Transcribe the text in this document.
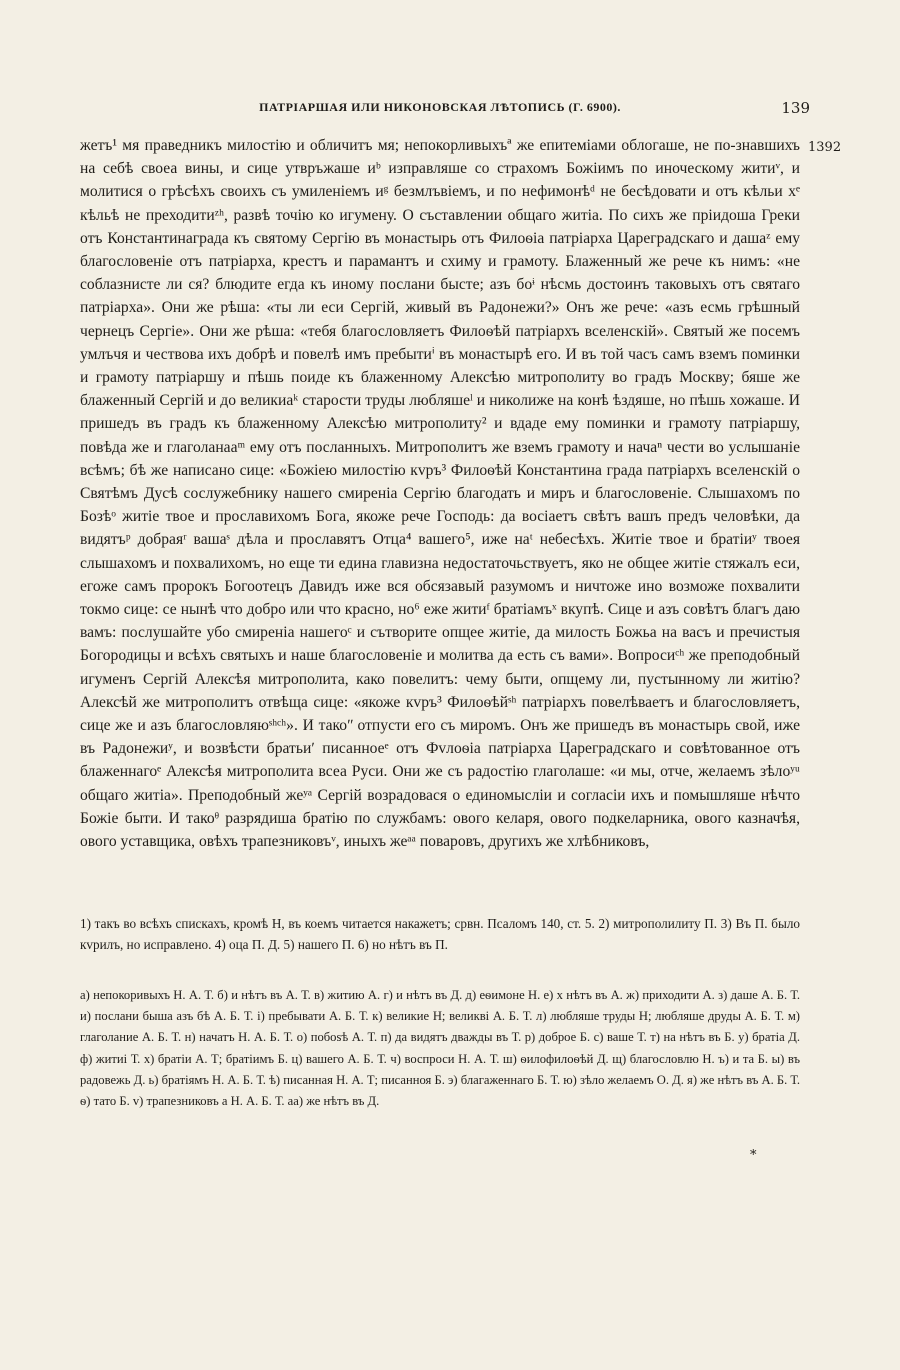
ПАТРІАРШАЯ ИЛИ НИКОНОВСКАЯ ЛѢТОПИСЬ (Г. 6900).	139
1392
жетъ¹ мя праведникъ милостію и обличитъ мя; непокорливыхъª же епитеміами облогаше, не по-знавшихъ на себѣ своеа вины, и сице утвръжаше иᵇ изправляше со страхомъ Божіимъ по иноческому житиᵛ, и молитися о грѣсѣхъ своихъ съ умиленіемъ иᵍ безмлъвіемъ, и по нефимонѣᵈ не бесѣдовати и отъ кѣльи хᵉ кѣльѣ не преходитиᶻʰ, развѣ точію ко игумену. О съставлении общаго житіа. По сихъ же пріидоша Греки отъ Константинаграда къ святому Сергію въ монастырь отъ Филоѳіа патріарха Цареградскаго и дашаᶻ ему благословеніе отъ патріарха, крестъ и парамантъ и схиму и грамоту. Блаженный же рече къ нимъ: «не соблазнисте ли ся? блюдите егда къ иному послани бысте; азъ боᶤ нѣсмь достоинъ таковыхъ отъ святаго патріарха». Они же рѣша: «ты ли еси Сергій, живый въ Радонежи?» Онъ же рече: «азъ есмь грѣшный чернецъ Сергіе». Они же рѣша: «тебя благословляетъ Филоѳѣй патріархъ вселенскій». Святый же посемъ умлъчя и чествова ихъ добрѣ и повелѣ имъ пребытиⁱ въ монастырѣ его. И въ той часъ самъ вземъ поминки и грамоту патріаршу и пѣшь поиде къ блаженному Алексѣю митрополиту во градъ Москву; бяше же блаженный Сергій и до великиаᵏ старости труды любляшеˡ и николиже на конѣ ѣздяше, но пѣшь хожаше. И пришедъ въ градъ къ блаженному Алексѣю митрополиту² и вдаде ему поминки и грамоту патріаршу, повѣда же и глаголанааᵐ ему отъ посланныхъ. Митрополитъ же вземъ грамоту и начаⁿ чести во услышаніе всѣмъ; бѣ же написано сице: «Божіею милостію кvръ³ Филоѳѣй Константина града патріархъ вселенскій о Святѣмъ Дусѣ сослужебнику нашего смиреніа Сергію благодать и миръ и благословеніе. Слышахомъ по Бозѣᵒ житіе твое и прославихомъ Бога, якоже рече Господь: да восіаетъ свѣтъ вашъ предъ человѣки, да видятъᵖ добраяʳ вашаˢ дѣла и прославятъ Отца⁴ вашего⁵, иже наᵗ небесѣхъ. Житіе твое и братіиʸ твоея слышахомъ и похвалихомъ, но еще ти едина главизна недостаточьствуетъ, яко не общее житіе стяжалъ еси, егоже самъ пророкъ Богоотецъ Давидъ иже вся обсязавый разумомъ и ничтоже ино возможе похвалити токмо сице: се нынѣ что добро или что красно, но⁶ еже житиᶠ братіамъˣ вкупѣ. Сице и азъ совѣтъ благъ даю вамъ: послушайте убо смиреніа нашегоᶜ и сътворите опщее житіе, да милость Божьа на васъ и пречистыя Богородицы и всѣхъ святыхъ и наше благословеніе и молитва да есть съ вами». Вопросиᶜʰ же преподобный игуменъ Сергій Алексѣя митрополита, како повелитъ: чему быти, опщему ли, пустынному ли житію? Алексѣй же митрополитъ отвѣща сице: «якоже кvръ³ Филоѳѣйˢʰ патріархъ повелѣваетъ и благословляетъ, сице же и азъ благословляюˢʰᶜʰ». И такоʺ отпусти его съ миромъ. Онъ же пришедъ въ монастырь свой, иже въ Радонежиʸ, и возвѣсти братьиʹ писанноеᵉ отъ Фvлоѳіа патріарха Цареградскаго и совѣтованное отъ блаженнагоᵉ Алексѣя митрополита всеа Руси. Они же съ радостію глаголаше: «и мы, отче, желаемъ зѣлоʸᵘ общаго житіа». Преподобный жеʸᵃ Сергій возрадовася о единомысліи и согласіи ихъ и помышляше нѣчто Божіе быти. И такоᶿ разрядиша братію по службамъ: ового келаря, ового подкеларника, ового казначѣя, ового уставщика, овѣхъ трапезниковъᵛ, иныхъ жеᵃᵃ поваровъ, другихъ же хлѣбниковъ,

1) такъ во всѣхъ спискахъ, кромѣ Н, въ коемъ читается накажетъ; срвн. Псаломъ 140, ст. 5. 2) митрополилиту П. 3) Въ П. было кvрилъ, но исправлено. 4) оца П. Д. 5) нашего П. 6) но нѣтъ въ П.

а) непокоривыхъ Н. А. Т. б) и нѣтъ въ А. Т. в) житию А. г) и нѣтъ въ Д. д) еѳимоне Н. е) х нѣтъ въ А. ж) приходити А. з) даше А. Б. Т. и) послани быша азъ бѣ А. Б. Т. і) пребывати А. Б. Т. к) великие Н; великві А. Б. Т. л) любляше труды Н; любляше друды А. Б. Т. м) глаголание А. Б. Т. н) начатъ Н. А. Б. Т. о) побоѕѣ А. Т. п) да видятъ дважды въ Т. р) доброе Б. с) ваше Т. т) на нѣтъ въ Б. у) братіа Д. ф) житиі Т. х) братіи А. Т; братіимъ Б. ц) вашего А. Б. Т. ч) воспроси Н. А. Т. ш) ѳилофилоѳѣй Д. щ) благословлю Н. ъ) и та Б. ы) въ радовежь Д. ь) братіямъ Н. А. Б. Т. ѣ) писанная Н. А. Т; писанноя Б. э) благаженнаго Б. Т. ю) зѣло желаемъ О. Д. я) же нѣтъ въ А. Б. Т. ѳ) тато Б. v) трапезниковъ а Н. А. Б. Т. аа) же нѣтъ въ Д.

*
